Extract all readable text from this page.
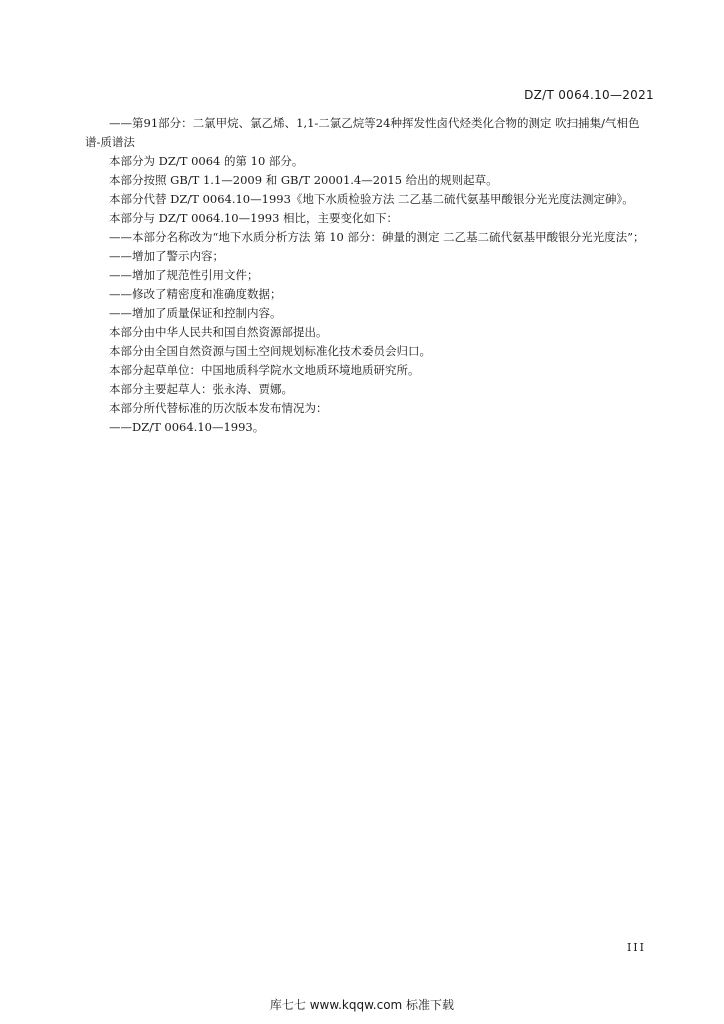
DZ/T 0064.10—2021

——第91部分：二氯甲烷、氯乙烯、1,1-二氯乙烷等24种挥发性卤代烃类化合物的测定 吹扫捕集/气相色谱-质谱法

本部分为 DZ/T 0064 的第 10 部分。

本部分按照 GB/T 1.1—2009 和 GB/T 20001.4—2015 给出的规则起草。

本部分代替 DZ/T 0064.10—1993《地下水质检验方法 二乙基二硫代氨基甲酸银分光光度法测定砷》。

本部分与 DZ/T 0064.10—1993 相比，主要变化如下：

——本部分名称改为“地下水质分析方法 第 10 部分：砷量的测定 二乙基二硫代氨基甲酸银分光光度法”；

——增加了警示内容；

——增加了规范性引用文件；

——修改了精密度和准确度数据；

——增加了质量保证和控制内容。

本部分由中华人民共和国自然资源部提出。

本部分由全国自然资源与国土空间规划标准化技术委员会归口。

本部分起草单位：中国地质科学院水文地质环境地质研究所。

本部分主要起草人：张永涛、贾娜。

本部分所代替标准的历次版本发布情况为：

——DZ/T 0064.10—1993。

III
库七七 www.kqqw.com 标准下载
